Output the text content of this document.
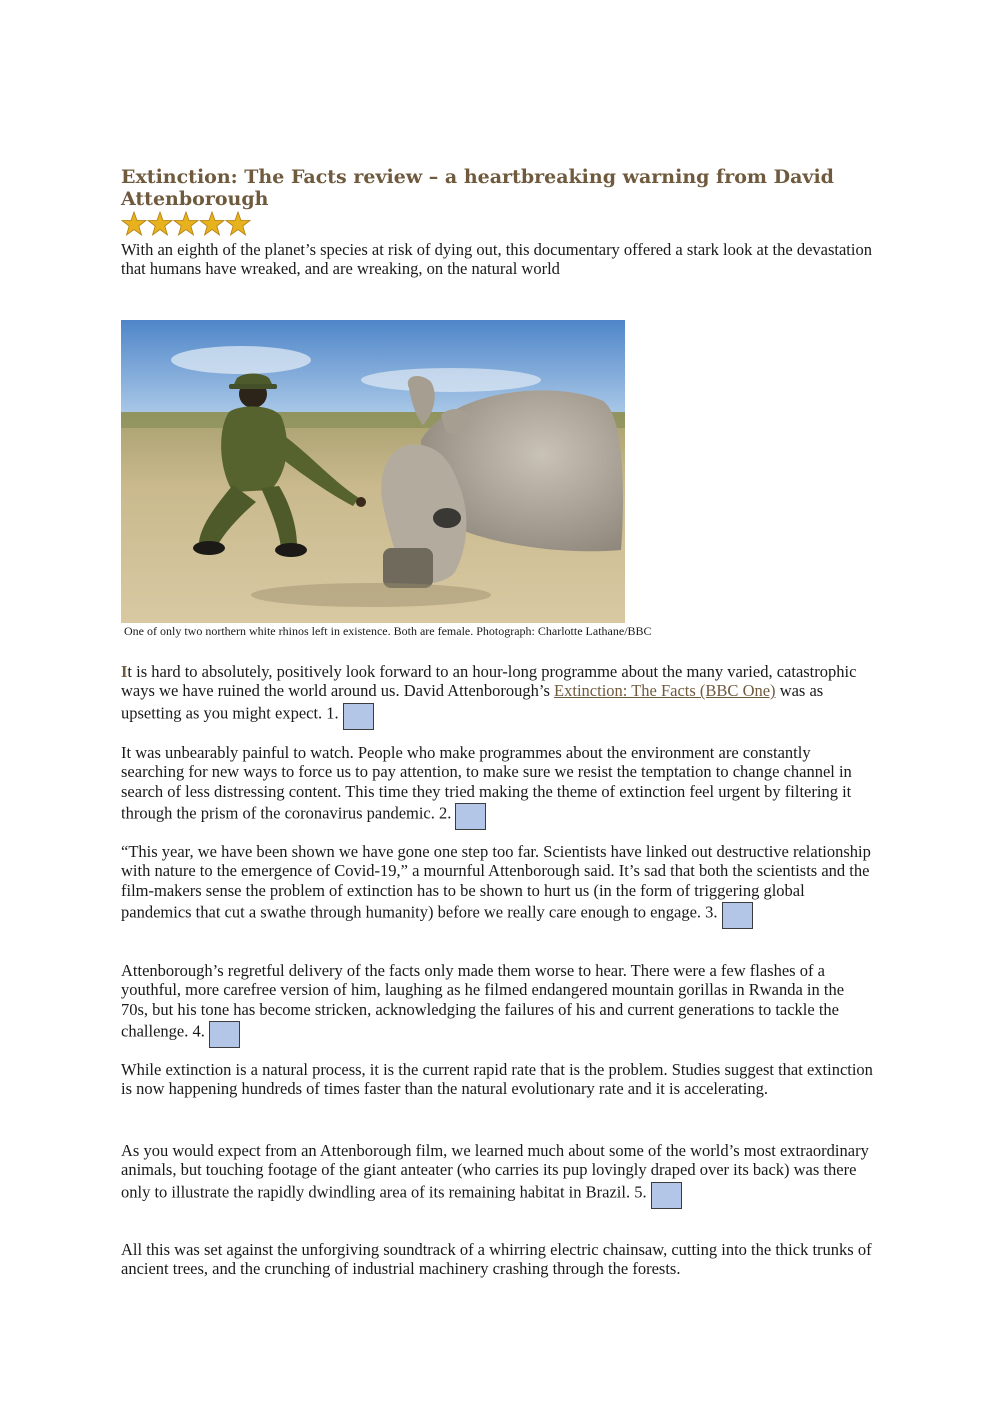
Extinction: The Facts review – a heartbreaking warning from David Attenborough
With an eighth of the planet’s species at risk of dying out, this documentary offered a stark look at the devastation that humans have wreaked, and are wreaking, on the natural world
One of only two northern white rhinos left in existence. Both are female. Photograph: Charlotte Lathane/BBC

It is hard to absolutely, positively look forward to an hour-long programme about the many varied, catastrophic ways we have ruined the world around us. David Attenborough’s Extinction: The Facts (BBC One) was as upsetting as you might expect. 1.

It was unbearably painful to watch. People who make programmes about the environment are constantly searching for new ways to force us to pay attention, to make sure we resist the temptation to change channel in search of less distressing content. This time they tried making the theme of extinction feel urgent by filtering it through the prism of the coronavirus pandemic. 2.

“This year, we have been shown we have gone one step too far. Scientists have linked out destructive relationship with nature to the emergence of Covid-19,” a mournful Attenborough said. It’s sad that both the scientists and the film-makers sense the problem of extinction has to be shown to hurt us (in the form of triggering global pandemics that cut a swathe through humanity) before we really care enough to engage. 3.

Attenborough’s regretful delivery of the facts only made them worse to hear. There were a few flashes of a youthful, more carefree version of him, laughing as he filmed endangered mountain gorillas in Rwanda in the 70s, but his tone has become stricken, acknowledging the failures of his and current generations to tackle the challenge. 4.

While extinction is a natural process, it is the current rapid rate that is the problem. Studies suggest that extinction is now happening hundreds of times faster than the natural evolutionary rate and it is accelerating.

As you would expect from an Attenborough film, we learned much about some of the world’s most extraordinary animals, but touching footage of the giant anteater (who carries its pup lovingly draped over its back) was there only to illustrate the rapidly dwindling area of its remaining habitat in Brazil. 5.

All this was set against the unforgiving soundtrack of a whirring electric chainsaw, cutting into the thick trunks of ancient trees, and the crunching of industrial machinery crashing through the forests.
